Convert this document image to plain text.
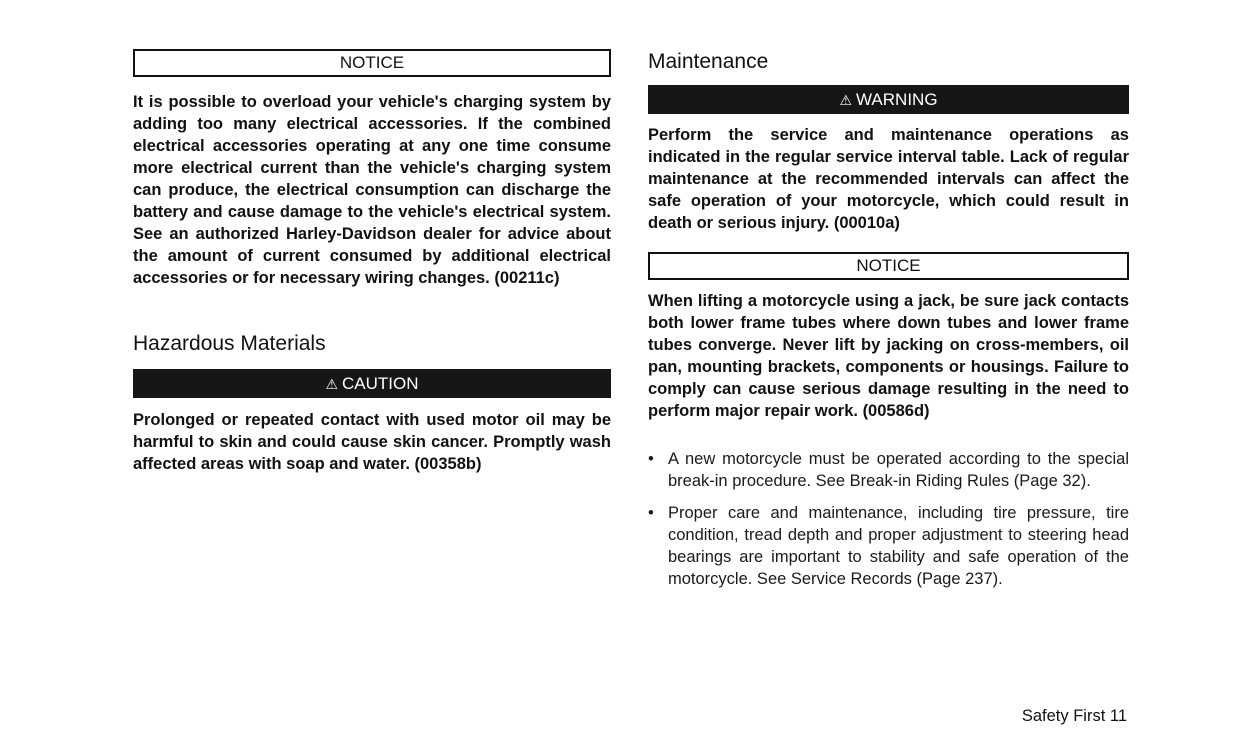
NOTICE

It is possible to overload your vehicle's charging system by adding too many electrical accessories. If the combined electrical accessories operating at any one time consume more electrical current than the vehicle's charging system can produce, the electrical consumption can discharge the battery and cause damage to the vehicle's electrical system. See an authorized Harley-Davidson dealer for advice about the amount of current consumed by additional electrical accessories or for necessary wiring changes. (00211c)

Hazardous Materials
⚠ CAUTION

Prolonged or repeated contact with used motor oil may be harmful to skin and could cause skin cancer. Promptly wash affected areas with soap and water. (00358b)

Maintenance
⚠ WARNING

Perform the service and maintenance operations as indicated in the regular service interval table. Lack of regular maintenance at the recommended intervals can affect the safe operation of your motorcycle, which could result in death or serious injury. (00010a)

NOTICE

When lifting a motorcycle using a jack, be sure jack contacts both lower frame tubes where down tubes and lower frame tubes converge. Never lift by jacking on cross-members, oil pan, mounting brackets, components or housings. Failure to comply can cause serious damage resulting in the need to perform major repair work. (00586d)

• A new motorcycle must be operated according to the special break-in procedure. See Break-in Riding Rules (Page 32).
• Proper care and maintenance, including tire pressure, tire condition, tread depth and proper adjustment to steering head bearings are important to stability and safe operation of the motorcycle. See Service Records (Page 237).
Safety First 11
